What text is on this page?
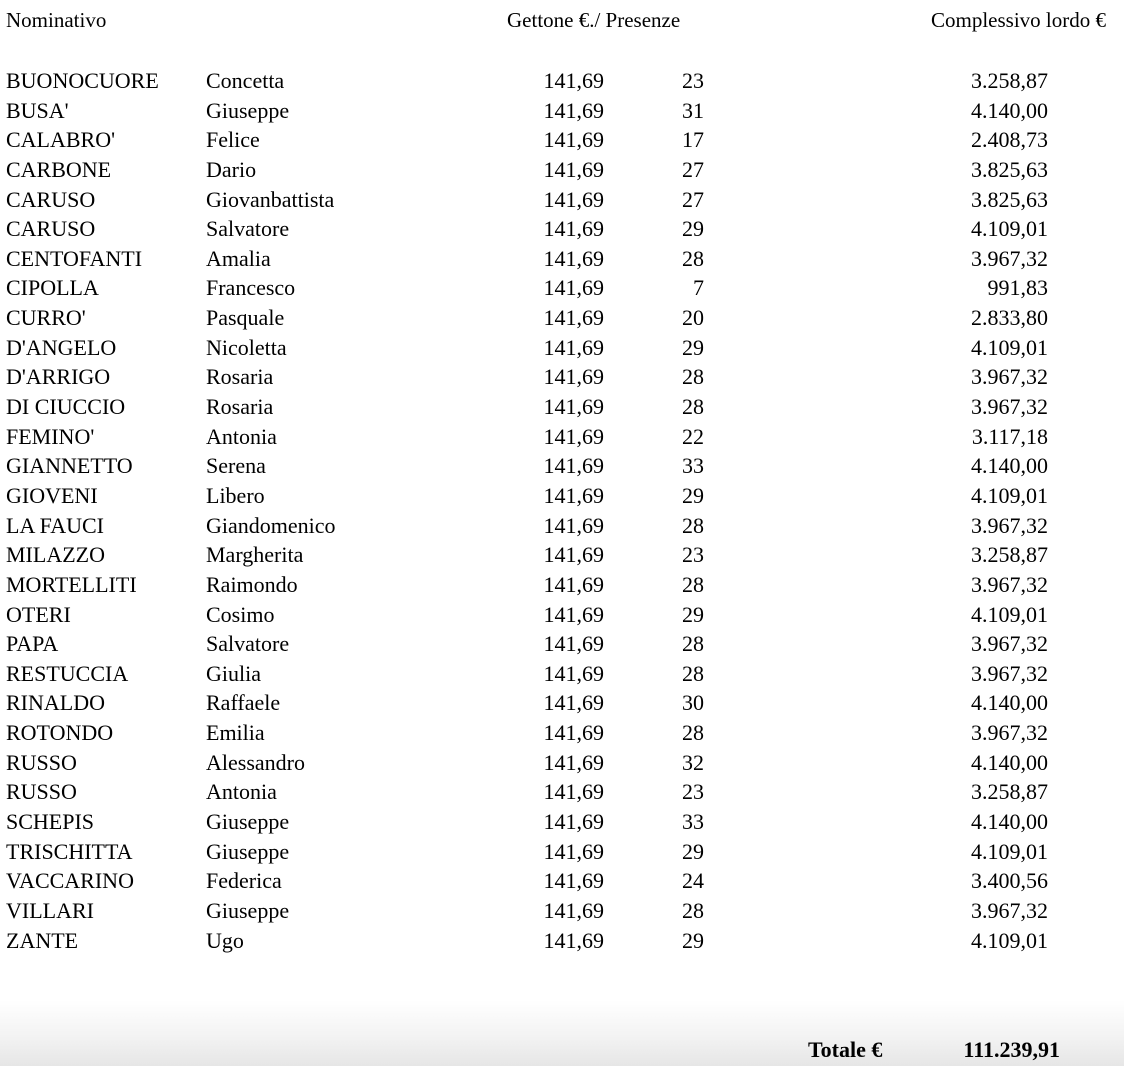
Nominativo	Gettone €./ Presenze	Complessivo lordo €
BUONOCUORE Concetta	141,69	23	3.258,87
BUSA'	Giuseppe	141,69	31	4.140,00
CALABRO'	Felice	141,69	17	2.408,73
CARBONE	Dario	141,69	27	3.825,63
CARUSO	Giovanbattista	141,69	27	3.825,63
CARUSO	Salvatore	141,69	29	4.109,01
CENTOFANTI	Amalia	141,69	28	3.967,32
CIPOLLA	Francesco	141,69	7	991,83
CURRO'	Pasquale	141,69	20	2.833,80
D'ANGELO	Nicoletta	141,69	29	4.109,01
D'ARRIGO	Rosaria	141,69	28	3.967,32
DI CIUCCIO	Rosaria	141,69	28	3.967,32
FEMINO'	Antonia	141,69	22	3.117,18
GIANNETTO	Serena	141,69	33	4.140,00
GIOVENI	Libero	141,69	29	4.109,01
LA FAUCI	Giandomenico	141,69	28	3.967,32
MILAZZO	Margherita	141,69	23	3.258,87
MORTELLITI	Raimondo	141,69	28	3.967,32
OTERI	Cosimo	141,69	29	4.109,01
PAPA	Salvatore	141,69	28	3.967,32
RESTUCCIA	Giulia	141,69	28	3.967,32
RINALDO	Raffaele	141,69	30	4.140,00
ROTONDO	Emilia	141,69	28	3.967,32
RUSSO	Alessandro	141,69	32	4.140,00
RUSSO	Antonia	141,69	23	3.258,87
SCHEPIS	Giuseppe	141,69	33	4.140,00
TRISCHITTA	Giuseppe	141,69	29	4.109,01
VACCARINO	Federica	141,69	24	3.400,56
VILLARI	Giuseppe	141,69	28	3.967,32
ZANTE	Ugo	141,69	29	4.109,01
Totale €	111.239,91
